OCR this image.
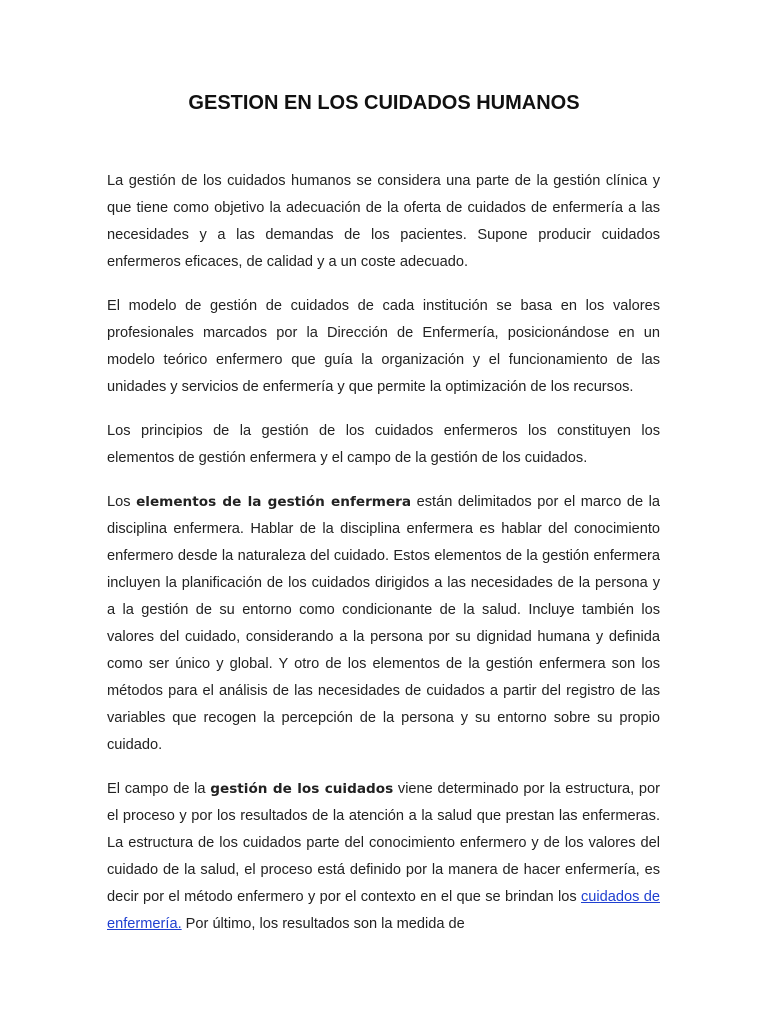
GESTION EN LOS CUIDADOS HUMANOS

La gestión de los cuidados humanos se considera una parte de la gestión clínica y que tiene como objetivo la adecuación de la oferta de cuidados de enfermería a las necesidades y a las demandas de los pacientes. Supone producir cuidados enfermeros eficaces, de calidad y a un coste adecuado.

El modelo de gestión de cuidados de cada institución se basa en los valores profesionales marcados por la Dirección de Enfermería, posicionándose en un modelo teórico enfermero que guía la organización y el funcionamiento de las unidades y servicios de enfermería y que permite la optimización de los recursos.

Los principios de la gestión de los cuidados enfermeros los constituyen los elementos de gestión enfermera y el campo de la gestión de los cuidados.

Los elementos de la gestión enfermera están delimitados por el marco de la disciplina enfermera. Hablar de la disciplina enfermera es hablar del conocimiento enfermero desde la naturaleza del cuidado. Estos elementos de la gestión enfermera incluyen la planificación de los cuidados dirigidos a las necesidades de la persona y a la gestión de su entorno como condicionante de la salud. Incluye también los valores del cuidado, considerando a la persona por su dignidad humana y definida como ser único y global. Y otro de los elementos de la gestión enfermera son los métodos para el análisis de las necesidades de cuidados a partir del registro de las variables que recogen la percepción de la persona y su entorno sobre su propio cuidado.

El campo de la gestión de los cuidados viene determinado por la estructura, por el proceso y por los resultados de la atención a la salud que prestan las enfermeras. La estructura de los cuidados parte del conocimiento enfermero y de los valores del cuidado de la salud, el proceso está definido por la manera de hacer enfermería, es decir por el método enfermero y por el contexto en el que se brindan los cuidados de enfermería. Por último, los resultados son la medida de
